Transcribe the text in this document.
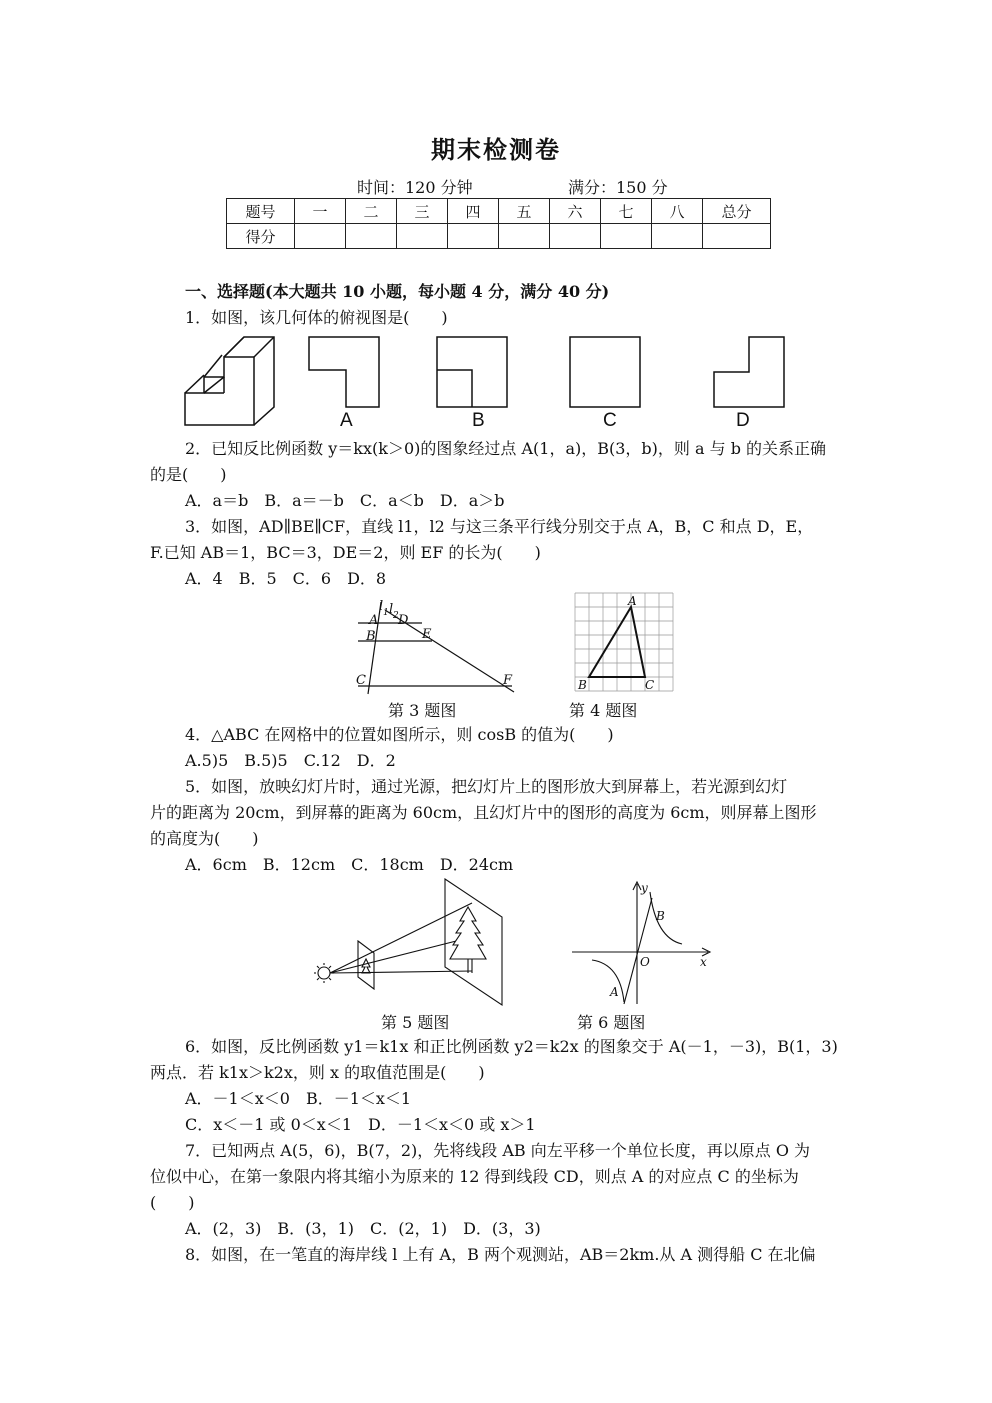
期末检测卷
时间：120 分钟	满分：150 分
题号	一	二	三	四	五	六	七	八	总分
得分									
一、选择题(本大题共 10 小题，每小题 4 分，满分 40 分)
1．如图，该几何体的俯视图是(　　)
A	B	C	D
2．已知反比例函数 y＝kx(k＞0)的图象经过点 A(1，a)，B(3，b)，则 a 与 b 的关系正确
的是(　　)
A．a＝b　B．a＝－b　C．a＜b　D．a＞b
3．如图，AD∥BE∥CF，直线 l1，l2 与这三条平行线分别交于点 A，B，C 和点 D，E，
F.已知 AB＝1，BC＝3，DE＝2，则 EF 的长为(　　)
A．4　B．5　C．6　D．8
l 1 l 2
A D
B	E
C	F
A
B	C
第 3 题图	第 4 题图
4．△ABC 在网格中的位置如图所示，则 cosB 的值为(　　)
A.5)5　B.5)5　C.12　D．2
5．如图，放映幻灯片时，通过光源，把幻灯片上的图形放大到屏幕上，若光源到幻灯
片的距离为 20cm，到屏幕的距离为 60cm，且幻灯片中的图形的高度为 6cm，则屏幕上图形
的高度为(　　)
A．6cm　B．12cm　C．18cm　D．24cm
y
x
O
A
B
第 5 题图	第 6 题图
6．如图，反比例函数 y1＝k1x 和正比例函数 y2＝k2x 的图象交于 A(－1，－3)，B(1，3)
两点．若 k1x＞k2x，则 x 的取值范围是(　　)
A．－1＜x＜0　B．－1＜x＜1
C．x＜－1 或 0＜x＜1　D．－1＜x＜0 或 x＞1
7．已知两点 A(5，6)，B(7，2)，先将线段 AB 向左平移一个单位长度，再以原点 O 为
位似中心，在第一象限内将其缩小为原来的 12 得到线段 CD，则点 A 的对应点 C 的坐标为
(　　)
A．(2，3)　B．(3，1)　C．(2，1)　D．(3，3)
8．如图，在一笔直的海岸线 l 上有 A，B 两个观测站，AB＝2km.从 A 测得船 C 在北偏
